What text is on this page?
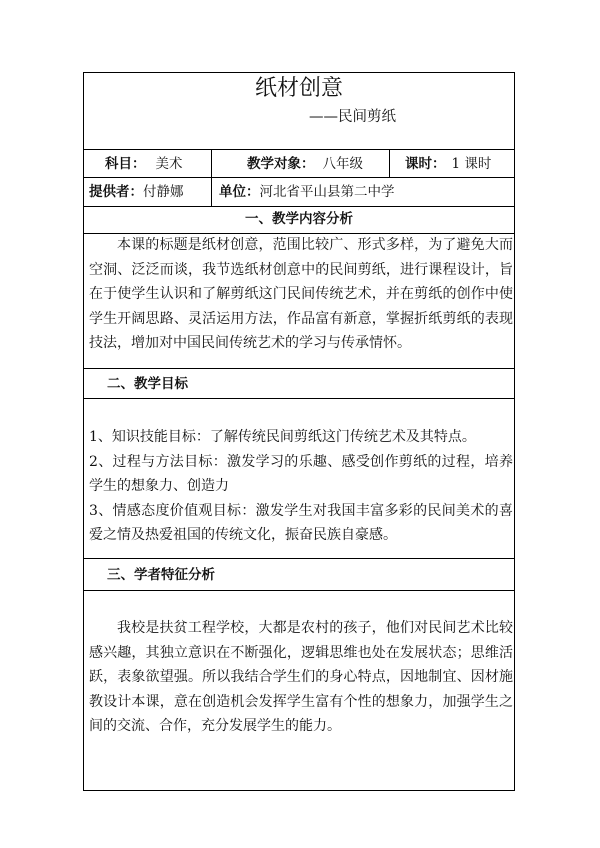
纸材创意
——民间剪纸
科目： 美术	教学对象： 八年级	课时： 1 课时
提供者：付静娜	单位：河北省平山县第二中学
一、教学内容分析

本课的标题是纸材创意，范围比较广、形式多样，为了避免大而空洞、泛泛而谈，我节选纸材创意中的民间剪纸，进行课程设计，旨在于使学生认识和了解剪纸这门民间传统艺术，并在剪纸的创作中使学生开阔思路、灵活运用方法，作品富有新意，掌握折纸剪纸的表现技法，增加对中国民间传统艺术的学习与传承情怀。

二、教学目标

1、知识技能目标：了解传统民间剪纸这门传统艺术及其特点。

2、过程与方法目标：激发学习的乐趣、感受创作剪纸的过程，培养学生的想象力、创造力

3、情感态度价值观目标：激发学生对我国丰富多彩的民间美术的喜爱之情及热爱祖国的传统文化，振奋民族自豪感。

三、学者特征分析

我校是扶贫工程学校，大都是农村的孩子，他们对民间艺术比较感兴趣，其独立意识在不断强化，逻辑思维也处在发展状态；思维活跃，表象欲望强。所以我结合学生们的身心特点，因地制宜、因材施教设计本课，意在创造机会发挥学生富有个性的想象力，加强学生之间的交流、合作，充分发展学生的能力。
